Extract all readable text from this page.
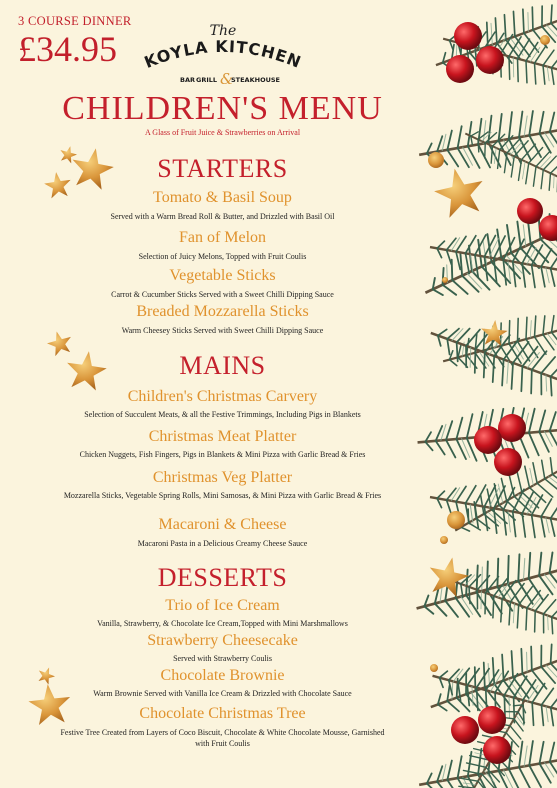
3 COURSE DINNER
£34.95	The
KOYLA KITCHEN
BAR GRILL &
STEAKHOUSE
CHILDREN'S MENU
A Glass of Fruit Juice & Strawberries on Arrival
STARTERS
Tomato & Basil Soup
Served with a Warm Bread Roll & Butter, and Drizzled with Basil Oil
Fan of Melon
Selection of Juicy Melons, Topped with Fruit Coulis
Vegetable Sticks
Carrot & Cucumber Sticks Served with a Sweet Chilli Dipping Sauce
Breaded Mozzarella Sticks
Warm Cheesey Sticks Served with Sweet Chilli Dipping Sauce
MAINS
Children's Christmas Carvery
Selection of Succulent Meats, & all the Festive Trimmings, Including Pigs in Blankets
Christmas Meat Platter
Chicken Nuggets, Fish Fingers, Pigs in Blankets & Mini Pizza with Garlic Bread & Fries
Christmas Veg Platter
Mozzarella Sticks, Vegetable Spring Rolls, Mini Samosas, & Mini Pizza with Garlic Bread & Fries
Macaroni & Cheese
Macaroni Pasta in a Delicious Creamy Cheese Sauce
DESSERTS
Trio of Ice Cream
Vanilla, Strawberry, & Chocolate Ice Cream,Topped with Mini Marshmallows
Strawberry Cheesecake
Served with Strawberry Coulis
Chocolate Brownie
Warm Brownie Served with Vanilla Ice Cream & Drizzled with Chocolate Sauce
Chocolate Christmas Tree
Festive Tree Created from Layers of Coco Biscuit, Chocolate & White Chocolate Mousse, Garnished with Fruit Coulis
